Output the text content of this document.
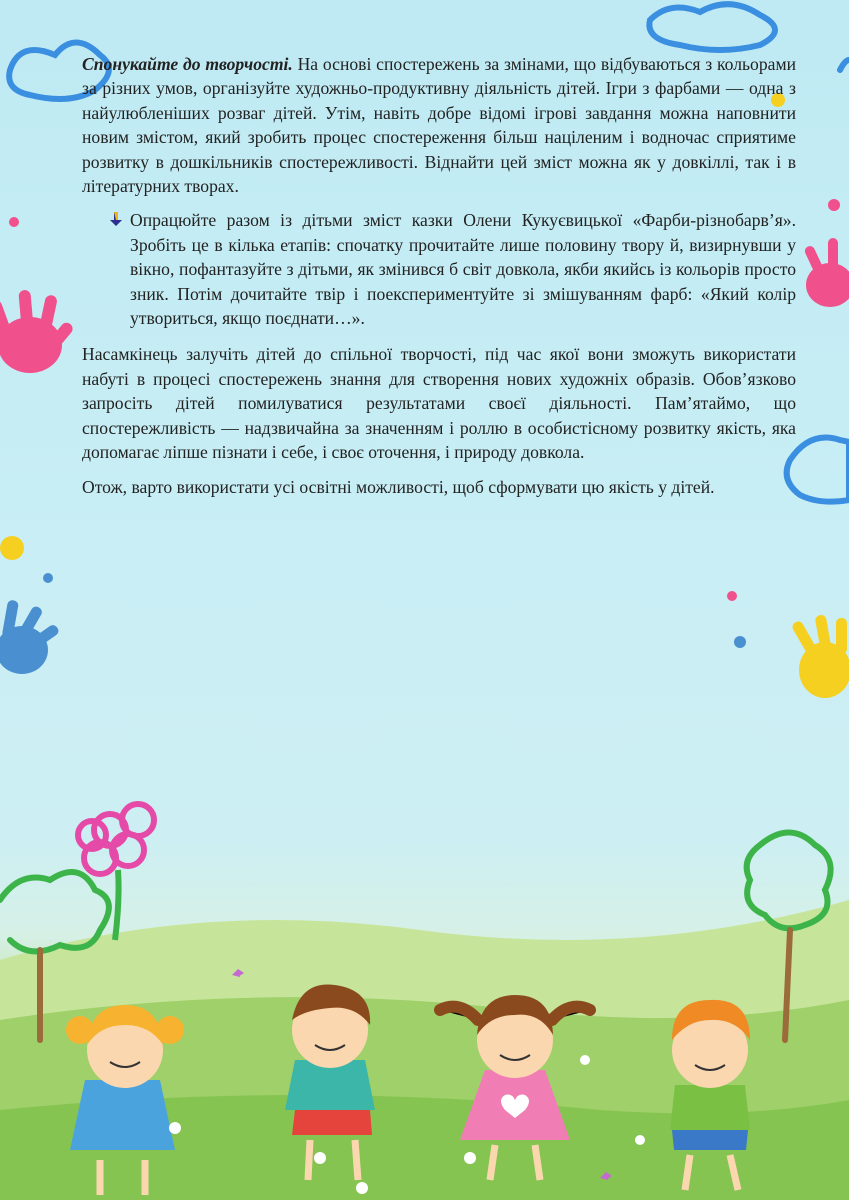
Спонукайте до творчості. На основі спостережень за змінами, що відбуваються з кольорами за різних умов, організуйте художньо-продуктивну діяльність дітей. Ігри з фарбами — одна з найулюбленіших розваг дітей. Утім, навіть добре відомі ігрові завдання можна наповнити новим змістом, який зробить процес спостереження більш націленим і водночас сприятиме розвитку в дошкільників спостережливості. Віднайти цей зміст можна як у довкіллі, так і в літературних творах.

Опрацюйте разом із дітьми зміст казки Олени Кукуєвицької «Фарби-різнобарв’я». Зробіть це в кілька етапів: спочатку прочитайте лише половину твору й, визирнувши у вікно, пофантазуйте з дітьми, як змінився б світ довкола, якби якийсь із кольорів просто зник. Потім дочитайте твір і поекспериментуйте зі змішуванням фарб: «Який колір утвориться, якщо поєднати…».

Насамкінець залучіть дітей до спільної творчості, під час якої вони зможуть використати набуті в процесі спостережень знання для створення нових художніх образів. Обов’язково запросіть дітей помилуватися результатами своєї діяльності. Пам’ятаймо, що спостережливість — надзвичайна за значенням і роллю в особистісному розвитку якість, яка допомагає ліпше пізнати і себе, і своє оточення, і природу довкола.

Отож, варто використати усі освітні можливості, щоб сформувати цю якість у дітей.
